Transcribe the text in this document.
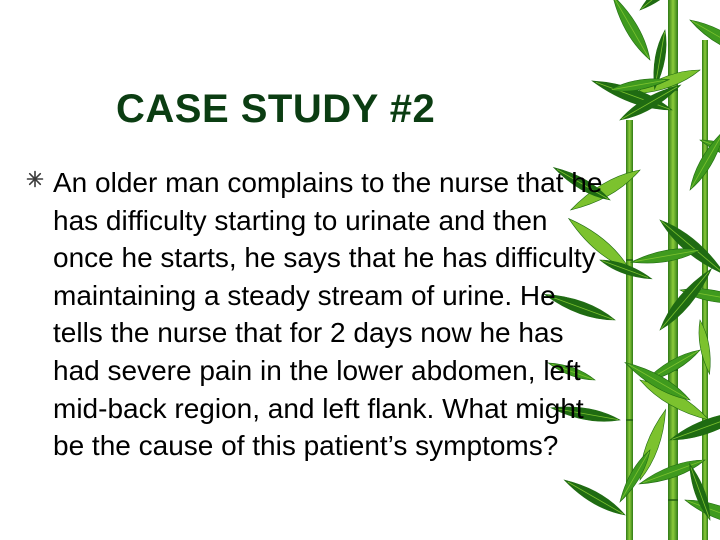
CASE STUDY #2

An older man complains to the nurse that he has difficulty starting to urinate and then once he starts, he says that he has difficulty maintaining a steady stream of urine. He tells the nurse that for 2 days now he has had severe pain in the lower abdomen, left mid-back region, and left flank. What might be the cause of this patient’s symptoms?
